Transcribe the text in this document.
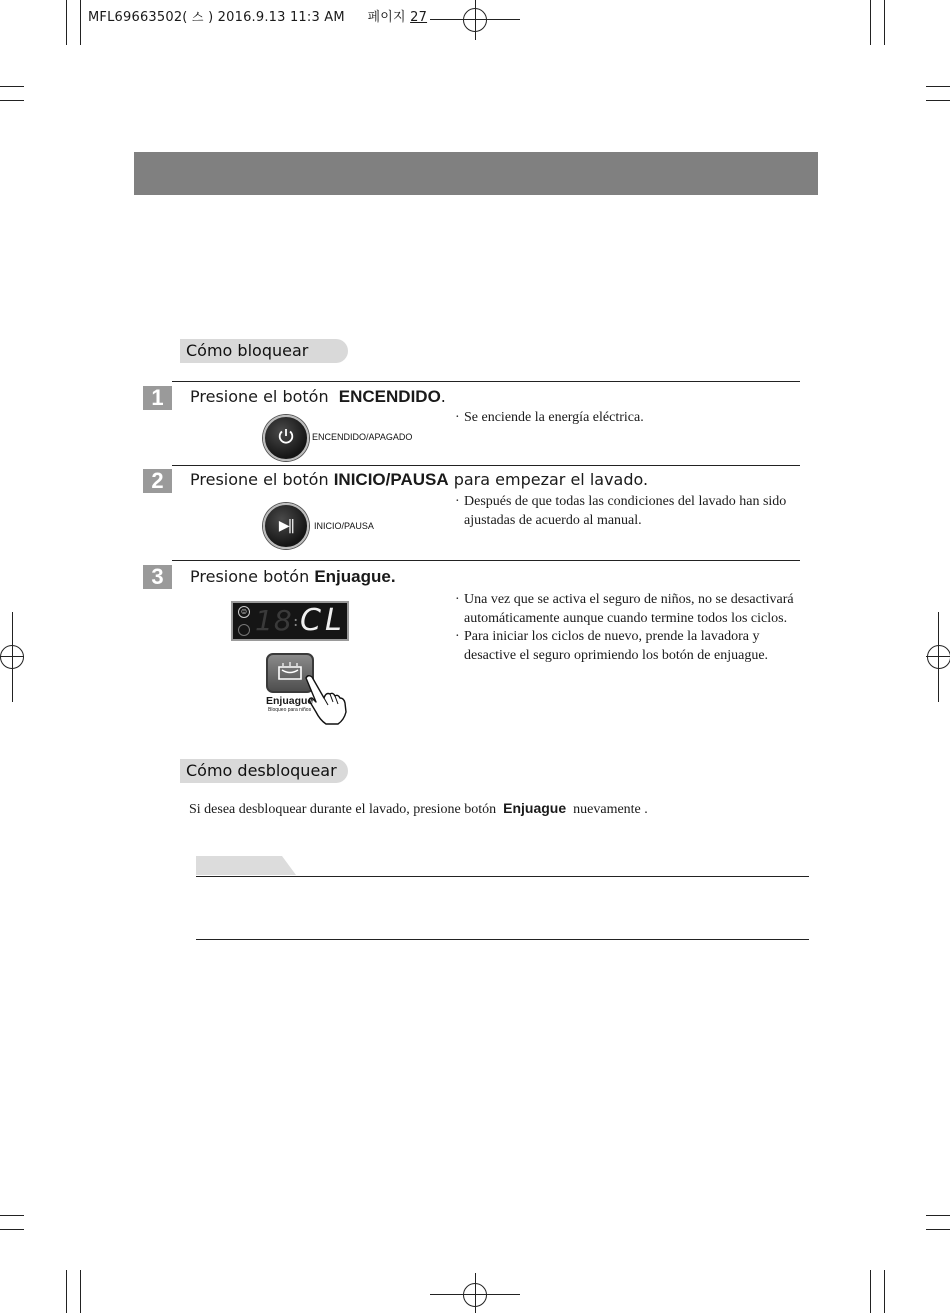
MFL69663502( 스 ) 2016.9.13 11:3 AM 페이지 27
Cómo bloquear
1	Presione el botón ENCENDIDO.
ENCENDIDO/APAGADO
· Se enciende la energía eléctrica.
2	Presione el botón INICIO/PAUSA para empezar el lavado.
▶|| INICIO/PAUSA
· Después de que todas las condiciones del lavado han sido ajustadas de acuerdo al manual.
3	Presione botón Enjuague.
☺ 18 : CL
Enjuague
Bloqueo para niños
· Una vez que se activa el seguro de niños, no se desactivará automáticamente aunque cuando termine todos los ciclos.
· Para iniciar los ciclos de nuevo, prende la lavadora y desactive el seguro oprimiendo los botón de enjuague.
Cómo desbloquear
Si desea desbloquear durante el lavado, presione botón Enjuague nuevamente .
